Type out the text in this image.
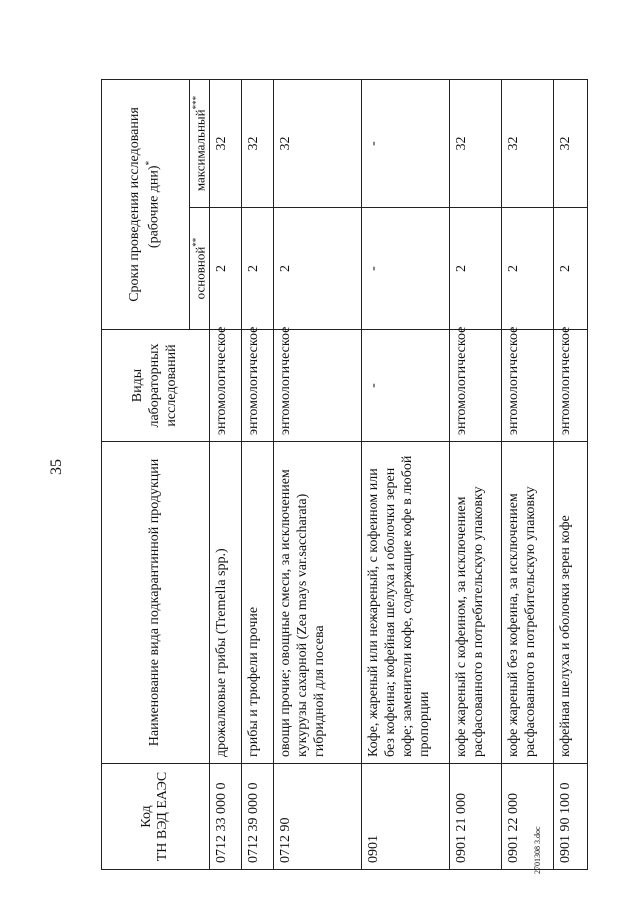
35
Код ТН ВЭД ЕАЭС	Наименование вида подкарантинной продукции	Виды лабораторных исследований	Сроки проведения исследования (рабочие дни)*
			основной**	максимальный***
0712 33 000 0	дрожалковые грибы (Tremella spp.)	энтомологическое	2	32
0712 39 000 0	грибы и трюфели прочие	энтомологическое	2	32
0712 90	овощи прочие; овощные смеси, за исключением кукурузы сахарной (Zea mays var.saccharata) гибридной для посева	энтомологическое	2	32
0901	Кофе, жареный или нежареный, с кофеином или без кофеина; кофейная шелуха и оболочки зерен кофе; заменители кофе, содержащие кофе в любой пропорции	-	-	-
0901 21 000	кофе жареный с кофеином, за исключением расфасованного в потребительскую упаковку	энтомологическое	2	32
0901 22 000	кофе жареный без кофеина, за исключением расфасованного в потребительскую упаковку	энтомологическое	2	32
0901 90 100 0	кофейная шелуха и оболочки зерен кофе	энтомологическое	2	32
2701308 3.doc
